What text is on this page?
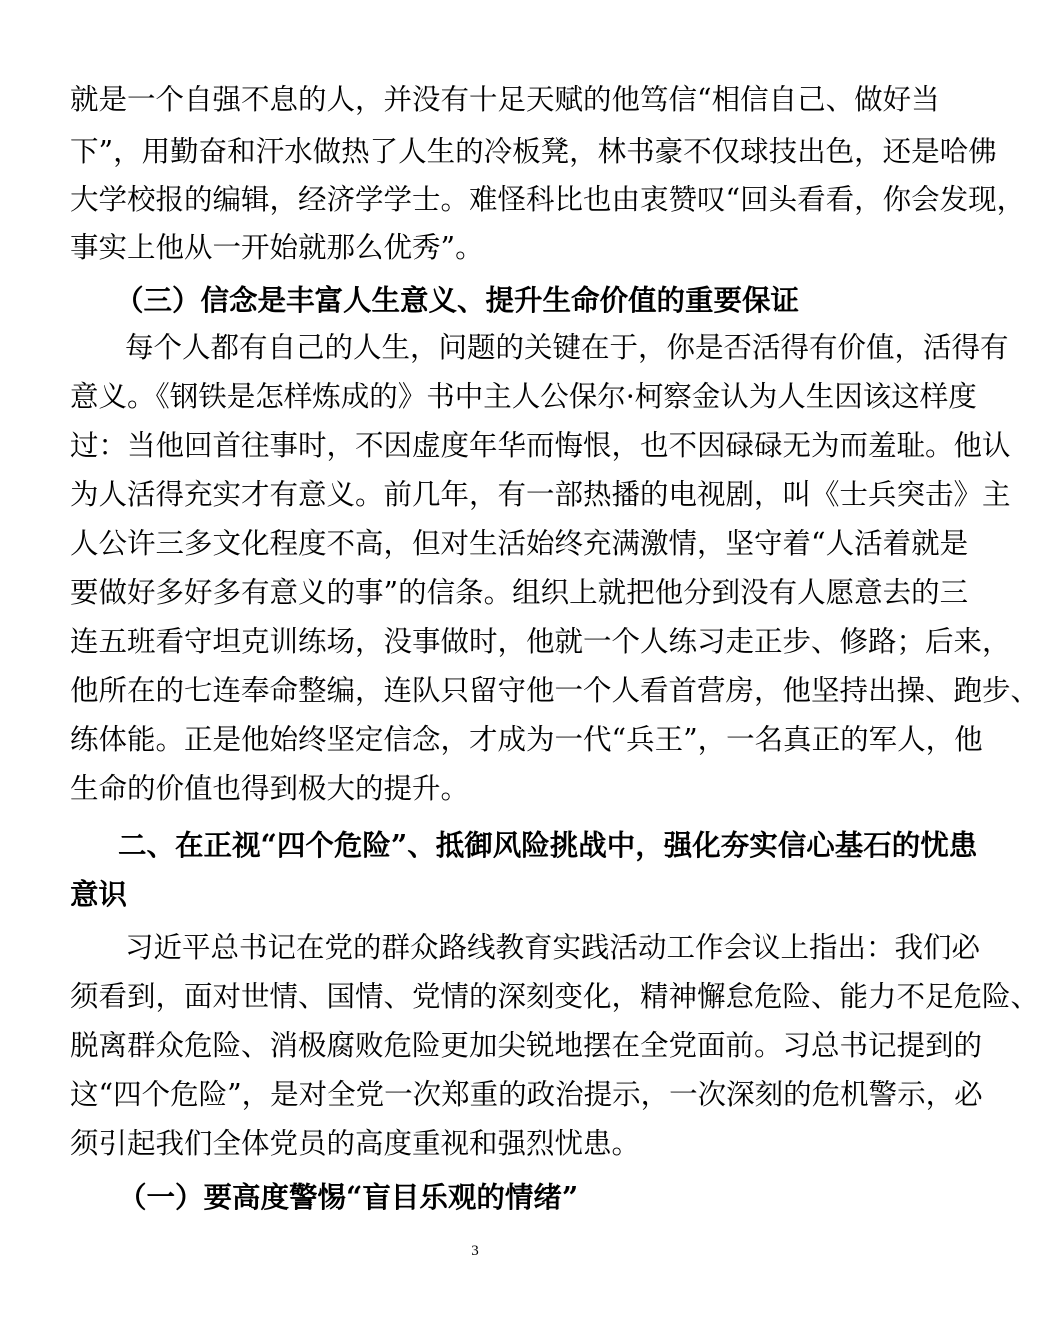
就是一个自强不息的人，并没有十足天赋的他笃信“相信自己、做好当
下”，用勤奋和汗水做热了人生的冷板凳，林书豪不仅球技出色，还是哈佛
大学校报的编辑，经济学学士。难怪科比也由衷赞叹“回头看看，你会发现，
事实上他从一开始就那么优秀”。
（三）信念是丰富人生意义、提升生命价值的重要保证
每个人都有自己的人生，问题的关键在于，你是否活得有价值，活得有
意义。《钢铁是怎样炼成的》书中主人公保尔·柯察金认为人生因该这样度
过：当他回首往事时，不因虚度年华而悔恨，也不因碌碌无为而羞耻。他认
为人活得充实才有意义。前几年，有一部热播的电视剧，叫《士兵突击》主
人公许三多文化程度不高，但对生活始终充满激情，坚守着“人活着就是
要做好多好多有意义的事”的信条。组织上就把他分到没有人愿意去的三
连五班看守坦克训练场，没事做时，他就一个人练习走正步、修路；后来，
他所在的七连奉命整编，连队只留守他一个人看首营房，他坚持出操、跑步、
练体能。正是他始终坚定信念，才成为一代“兵王”，一名真正的军人，他
生命的价值也得到极大的提升。
二、在正视“四个危险”、抵御风险挑战中，强化夯实信心基石的忧患
意识
习近平总书记在党的群众路线教育实践活动工作会议上指出：我们必
须看到，面对世情、国情、党情的深刻变化，精神懈怠危险、能力不足危险、
脱离群众危险、消极腐败危险更加尖锐地摆在全党面前。习总书记提到的
这“四个危险”，是对全党一次郑重的政治提示，一次深刻的危机警示，必
须引起我们全体党员的高度重视和强烈忧患。
（一）要高度警惕“盲目乐观的情绪”
3
